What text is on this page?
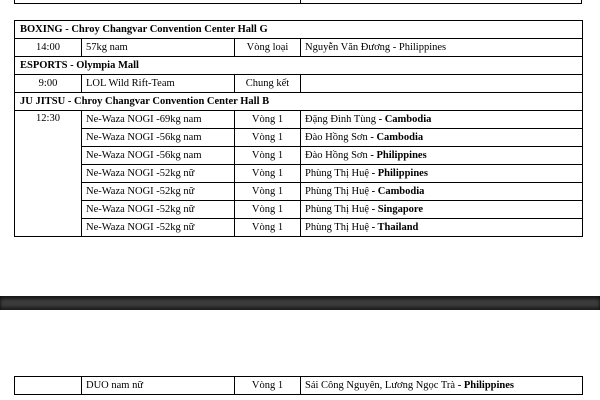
BOXING - Chroy Changvar Convention Center Hall G			
14:00	57kg nam	Vòng loại	Nguyễn Văn Đương - Philippines
ESPORTS - Olympia Mall			
9:00	LOL Wild Rift-Team	Chung kết	
JU JITSU - Chroy Changvar Convention Center Hall B			
12:30	Ne-Waza NOGI -69kg nam	Vòng 1	Đặng Đình Tùng - Cambodia
	Ne-Waza NOGI -56kg nam	Vòng 1	Đào Hồng Sơn - Cambodia
	Ne-Waza NOGI -56kg nam	Vòng 1	Đào Hồng Sơn - Philippines
	Ne-Waza NOGI -52kg nữ	Vòng 1	Phùng Thị Huệ - Philippines
	Ne-Waza NOGI -52kg nữ	Vòng 1	Phùng Thị Huệ - Cambodia
	Ne-Waza NOGI -52kg nữ	Vòng 1	Phùng Thị Huệ - Singapore
	Ne-Waza NOGI -52kg nữ	Vòng 1	Phùng Thị Huệ - Thailand
	DUO nam nữ	Vòng 1	Sái Công Nguyên, Lương Ngọc Trà - Philippines
